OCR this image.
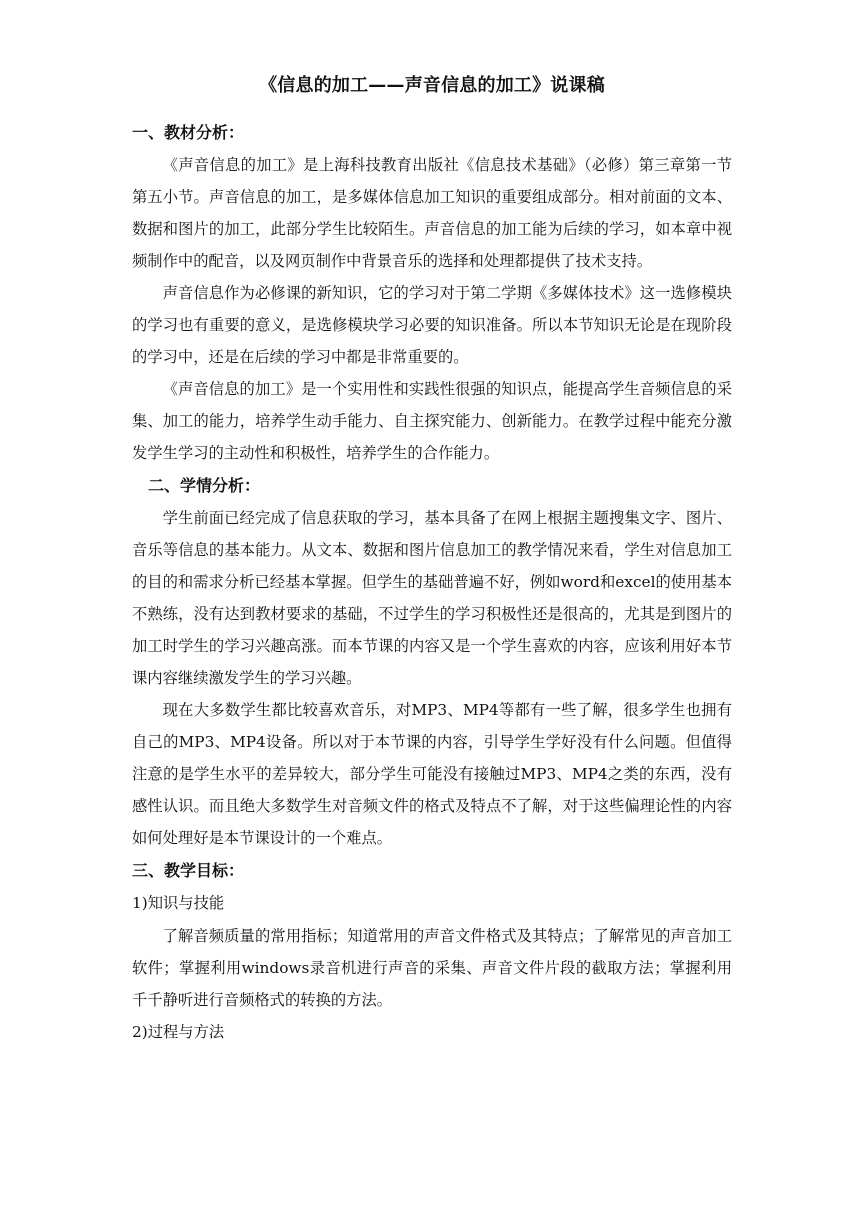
《信息的加工——声音信息的加工》说课稿
一、教材分析：

《声音信息的加工》是上海科技教育出版社《信息技术基础》（必修）第三章第一节第五小节。声音信息的加工，是多媒体信息加工知识的重要组成部分。相对前面的文本、数据和图片的加工，此部分学生比较陌生。声音信息的加工能为后续的学习，如本章中视频制作中的配音，以及网页制作中背景音乐的选择和处理都提供了技术支持。

声音信息作为必修课的新知识，它的学习对于第二学期《多媒体技术》这一选修模块的学习也有重要的意义，是选修模块学习必要的知识准备。所以本节知识无论是在现阶段的学习中，还是在后续的学习中都是非常重要的。

《声音信息的加工》是一个实用性和实践性很强的知识点，能提高学生音频信息的采集、加工的能力，培养学生动手能力、自主探究能力、创新能力。在教学过程中能充分激发学生学习的主动性和积极性，培养学生的合作能力。

二、学情分析：

学生前面已经完成了信息获取的学习，基本具备了在网上根据主题搜集文字、图片、音乐等信息的基本能力。从文本、数据和图片信息加工的教学情况来看，学生对信息加工的目的和需求分析已经基本掌握。但学生的基础普遍不好，例如word和excel的使用基本不熟练，没有达到教材要求的基础，不过学生的学习积极性还是很高的，尤其是到图片的加工时学生的学习兴趣高涨。而本节课的内容又是一个学生喜欢的内容，应该利用好本节课内容继续激发学生的学习兴趣。

现在大多数学生都比较喜欢音乐，对MP3、MP4等都有一些了解，很多学生也拥有自己的MP3、MP4设备。所以对于本节课的内容，引导学生学好没有什么问题。但值得注意的是学生水平的差异较大，部分学生可能没有接触过MP3、MP4之类的东西，没有感性认识。而且绝大多数学生对音频文件的格式及特点不了解，对于这些偏理论性的内容如何处理好是本节课设计的一个难点。

三、教学目标：

1)知识与技能

了解音频质量的常用指标；知道常用的声音文件格式及其特点；了解常见的声音加工软件；掌握利用windows录音机进行声音的采集、声音文件片段的截取方法；掌握利用千千静听进行音频格式的转换的方法。

2)过程与方法
